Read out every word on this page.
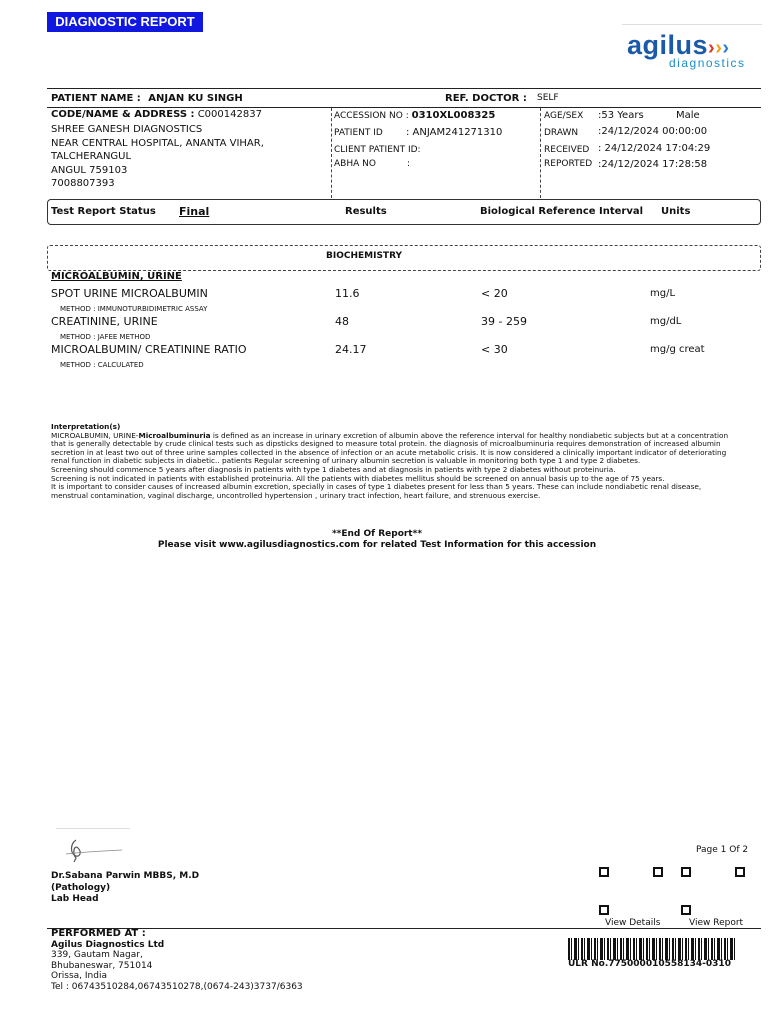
DIAGNOSTIC REPORT
agilus›››
diagnostics
PATIENT NAME : ANJAN KU SINGH	REF. DOCTOR : SELF
CODE/NAME & ADDRESS : C000142837
SHREE GANESH DIAGNOSTICS
NEAR CENTRAL HOSPITAL, ANANTA VIHAR,
TALCHERANGUL
ANGUL 759103
7008807393
ACCESSION NO : 0310XL008325
PATIENT ID : ANJAM241271310
CLIENT PATIENT ID:
ABHA NO	:
AGE/SEX :53 Years	Male
DRAWN :24/12/2024 00:00:00
RECEIVED : 24/12/2024 17:04:29
REPORTED :24/12/2024 17:28:58
Test Report Status Final	Results	Biological Reference Interval Units
BIOCHEMISTRY
MICROALBUMIN, URINE
SPOT URINE MICROALBUMIN
METHOD : IMMUNOTURBIDIMETRIC ASSAY
11.6	< 20	mg/L
CREATININE, URINE
METHOD : JAFEE METHOD
48	39 - 259	mg/dL
MICROALBUMIN/ CREATININE RATIO
METHOD : CALCULATED
24.17	< 30	mg/g creat

Interpretation(s)

MICROALBUMIN, URINE-Microalbuminuria is defined as an increase in urinary excretion of albumin above the reference interval for healthy nondiabetic subjects but at a concentration that is generally detectable by crude clinical tests such as dipsticks designed to measure total protein. the diagnosis of microalbuminuria requires demonstration of increased albumin secretion in at least two out of three urine samples collected in the absence of infection or an acute metabolic crisis. It is now considered a clinically important indicator of deteriorating renal function in diabetic subjects in diabetic.. patients Regular screening of urinary albumin secretion is valuable in monitoring both type 1 and type 2 diabetes.

Screening should commence 5 years after diagnosis in patients with type 1 diabetes and at diagnosis in patients with type 2 diabetes without proteinuria.

Screening is not indicated in patients with established proteinuria. All the patients with diabetes mellitus should be screened on annual basis up to the age of 75 years.

It is important to consider causes of increased albumin excretion, specially in cases of type 1 diabetes present for less than 5 years. These can include nondiabetic renal disease, menstrual contamination, vaginal discharge, uncontrolled hypertension , urinary tract infection, heart failure, and strenuous exercise.

**End Of Report**
Please visit www.agilusdiagnostics.com for related Test Information for this accession
Page 1 Of 2
Dr.Sabana Parwin MBBS, M.D
(Pathology)
Lab Head
View Details	View Report
PERFORMED AT :
Agilus Diagnostics Ltd
339, Gautam Nagar,
Bhubaneswar, 751014
Orissa, India
Tel : 06743510284,06743510278,(0674-243)3737/6363
ULR No.775000010558134-0310
